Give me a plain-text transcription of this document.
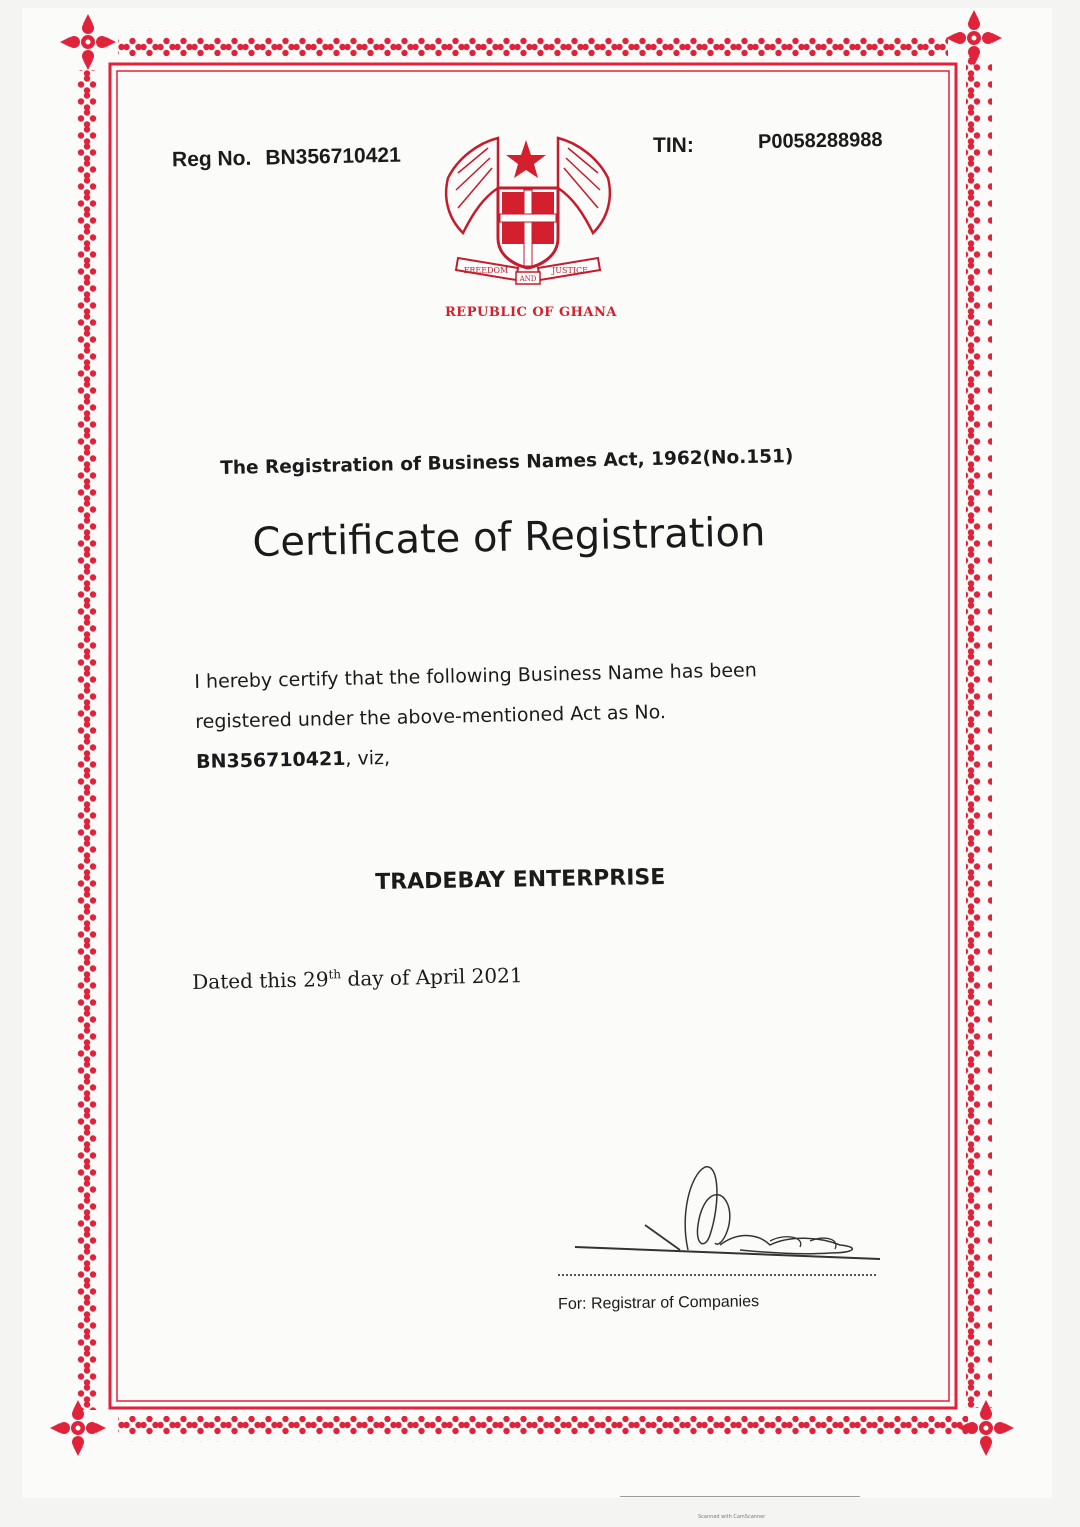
Reg No. BN356710421
FREEDOM	JUSTICE
AND
TIN:	P0058288988
REPUBLIC OF GHANA
The Registration of Business Names Act, 1962(No.151)
Certificate of Registration
I hereby certify that the following Business Name has been registered under the above-mentioned Act as No.
BN356710421, viz,
TRADEBAY ENTERPRISE
Dated this 29th day of April 2021
For: Registrar of Companies
Scanned with CamScanner
